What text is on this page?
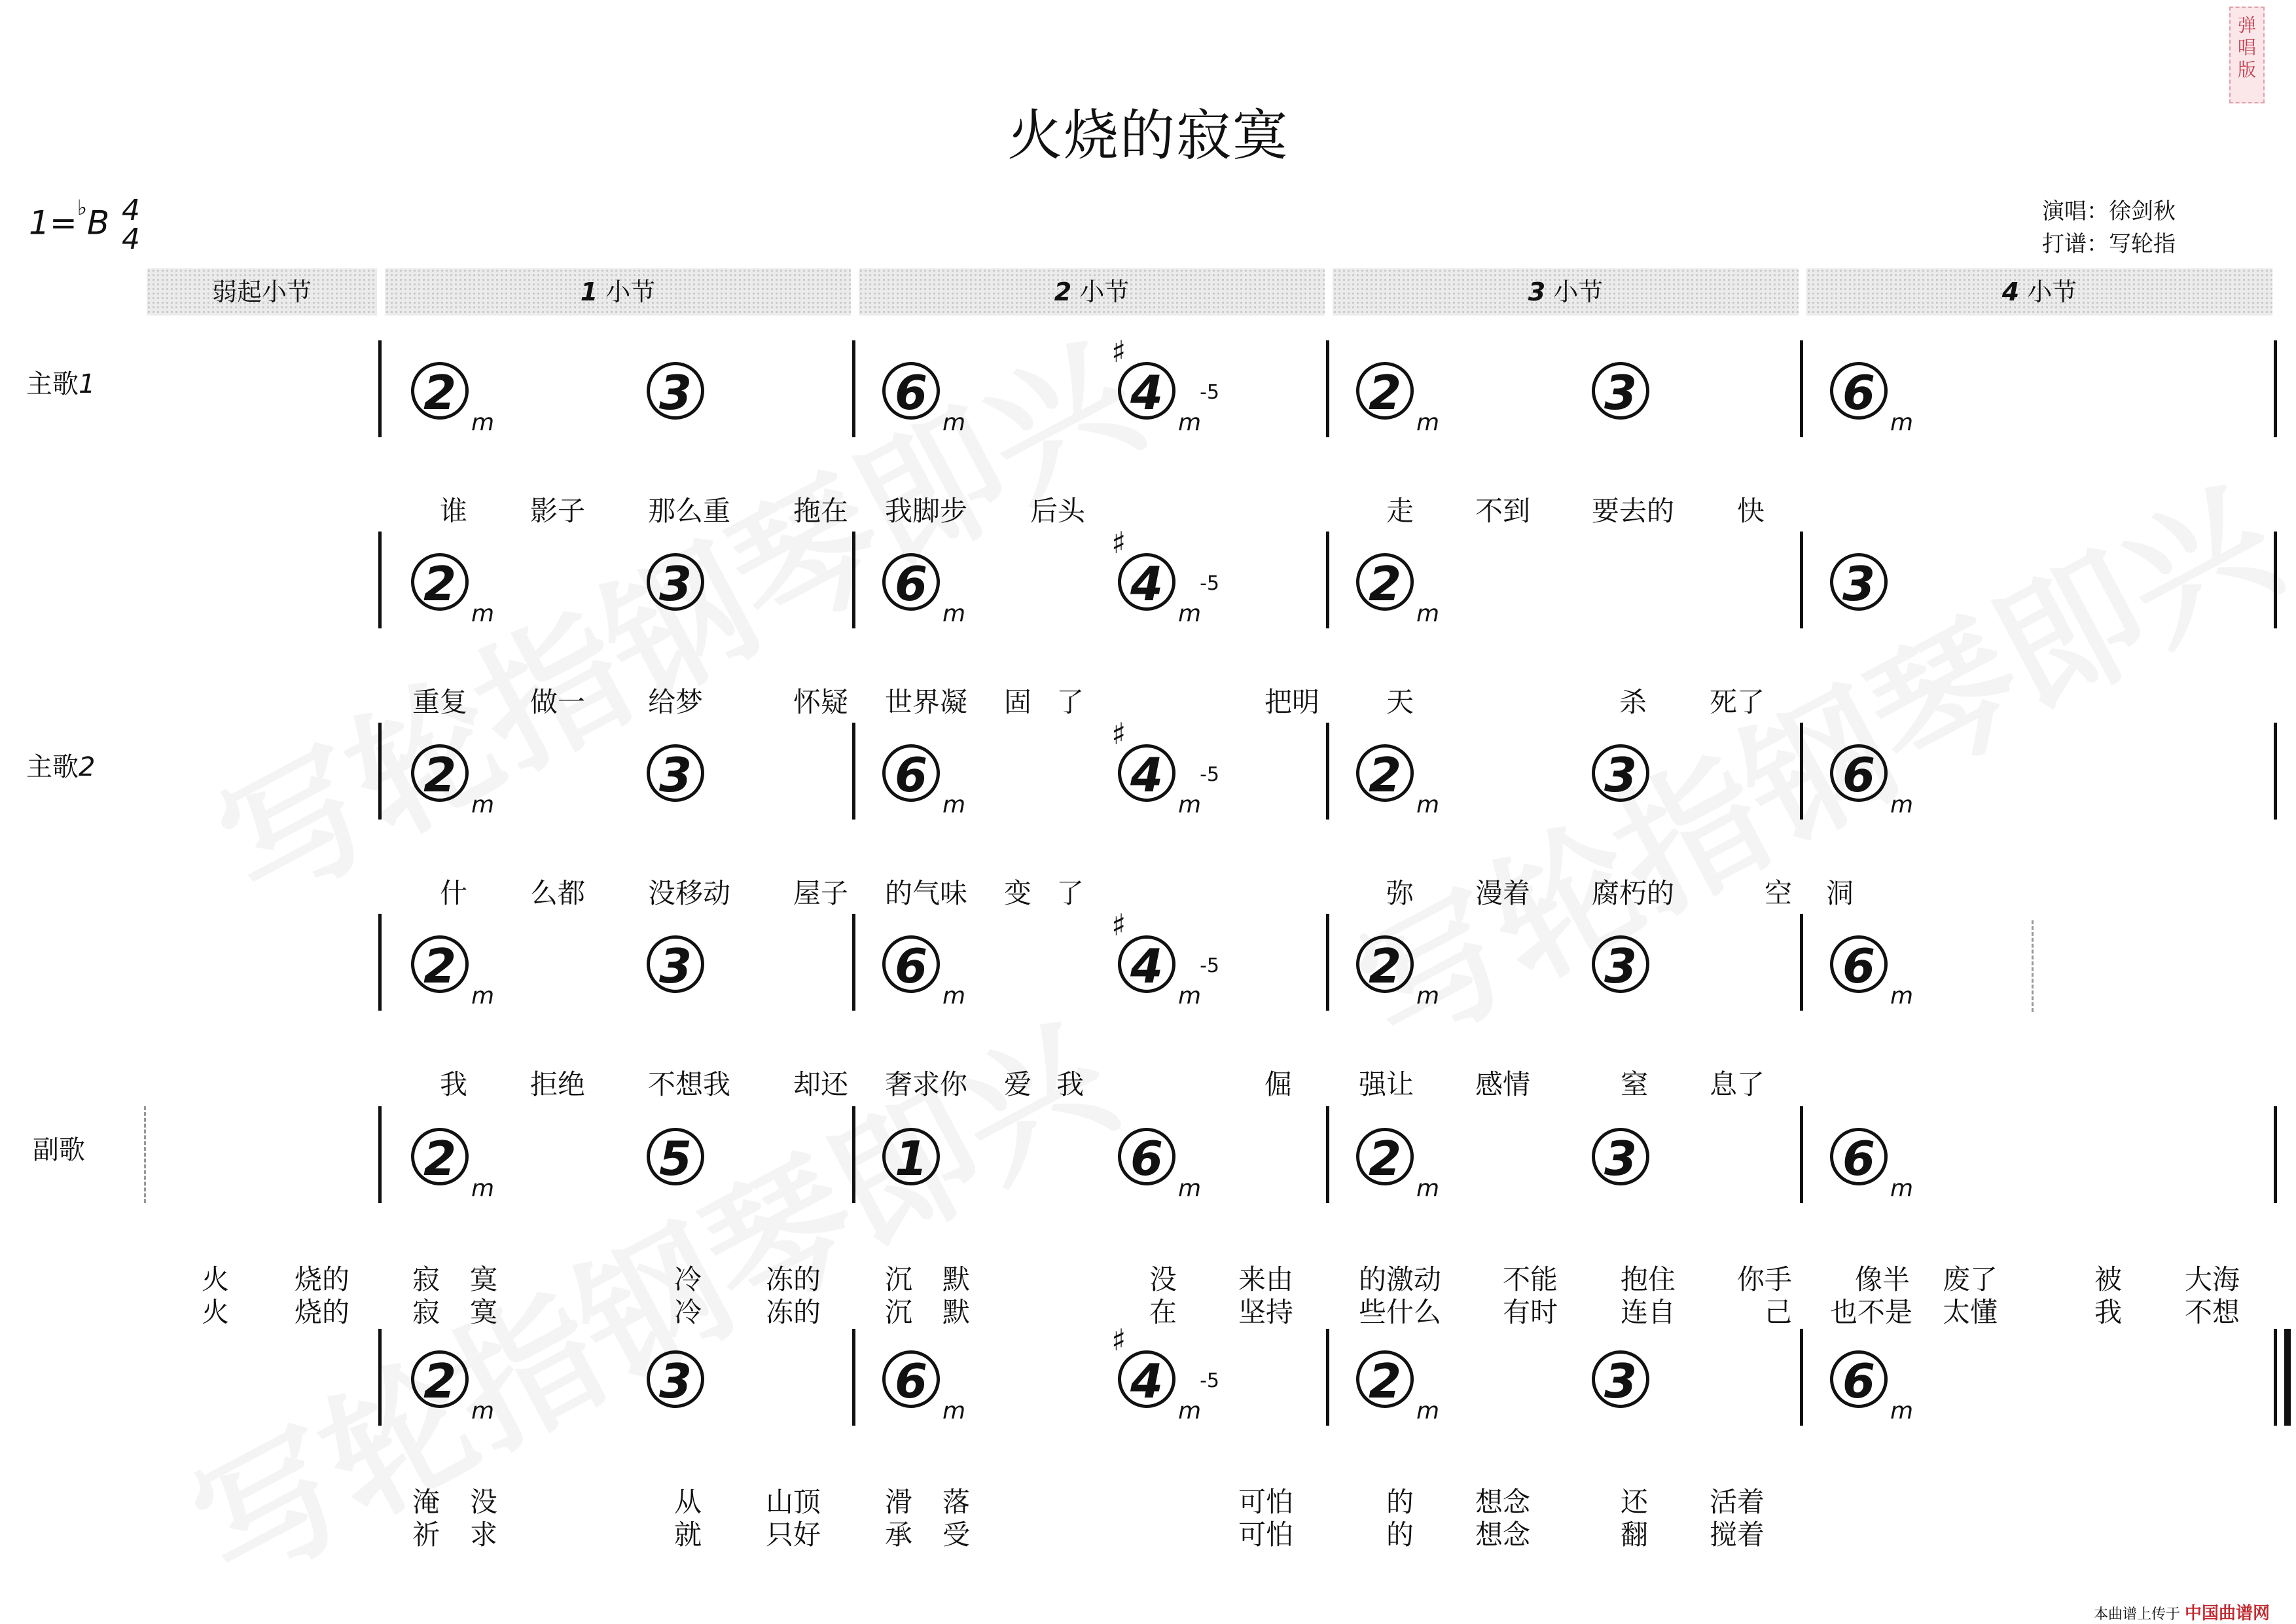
弹唱版
火烧的寂寞
1=♭B 4
4
演唱：徐剑秋
打谱：写轮指
弱起小节	1 小节	2 小节	3 小节	4 小节
主歌1
主歌2
副歌
$2_m$
3	$6_m$
$4_m-5$
♯
$2_m$
3	$6_m$
谁 影子 那么重 拖在 我脚步 后头	走 不到 要去的 快
$2_m$
3	$6_m$
$4_m-5$
♯
$2_m$
3
重复 做一 给梦	怀疑 世界凝 固 了	把明 天	杀 死了
$2_m$
3	$6_m$
$4_m-5$
♯
$2_m$
3	$6_m$
什 么都 没移动 屋子 的气味 变 了	弥 漫着 腐朽的	空 洞
$2_m$
3	$6_m$
$4_m-5$
♯
$2_m$
3	$6_m$
我 拒绝 不想我 却还 奢求你 爱 我	倔 强让 感情	窒 息了
$2_m$
5	1	$6_m$
$2_m$
3	$6_m$
火 烧的 寂 寞	冷 冻的 沉 默	没 来由 的激动 不能 抱住 你手 像半 废了	被 大海
火 烧的 寂 寞	冷 冻的 沉 默	在 坚持 些什么 有时 连自	己 也不是 太懂	我 不想
$2_m$
3	$6_m$
$4_m-5$
♯
$2_m$
3	$6_m$
淹 没	从 山顶 滑 落	可怕	的 想念	还 活着
祈 求	就 只好 承 受	可怕	的 想念	翻 搅着
本曲谱上传于 中国曲谱网
